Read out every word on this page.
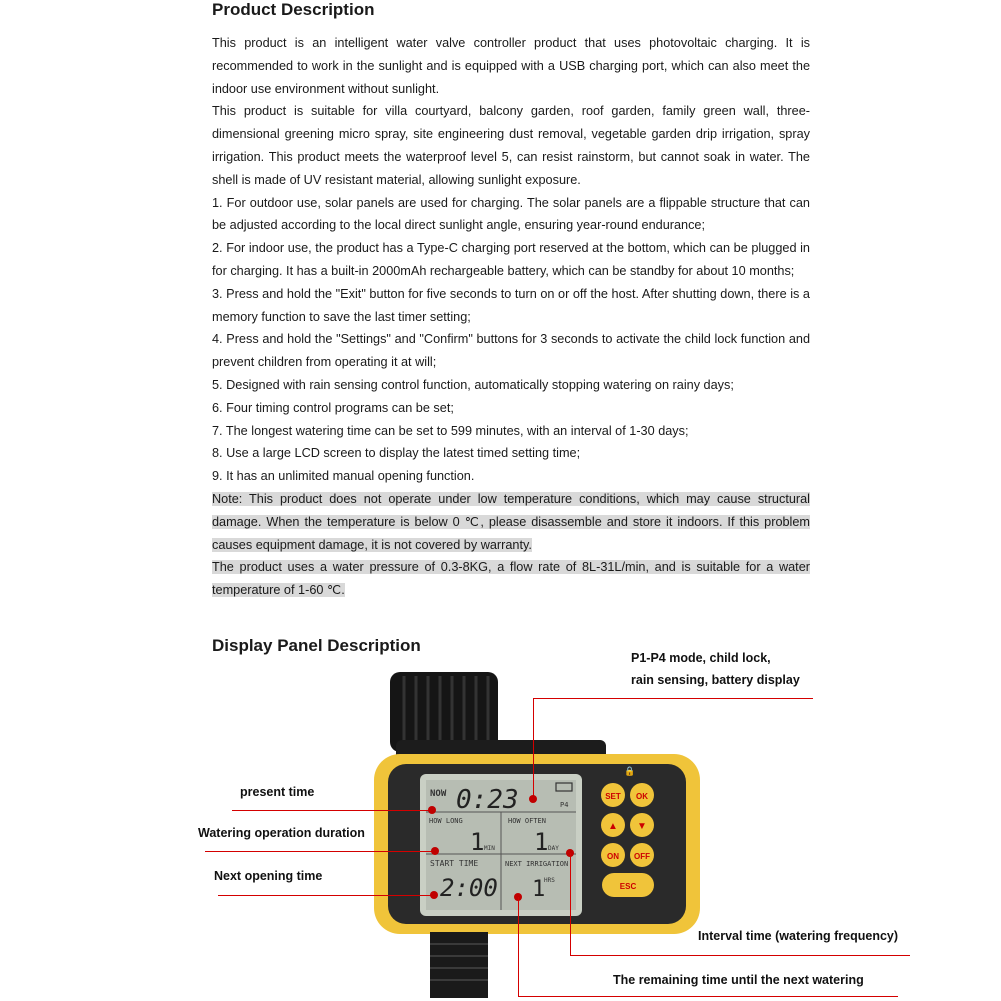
Product Description

This product is an intelligent water valve controller product that uses photovoltaic charging. It is recommended to work in the sunlight and is equipped with a USB charging port, which can also meet the indoor use environment without sunlight.

This product is suitable for villa courtyard, balcony garden, roof garden, family green wall, three-dimensional greening micro spray, site engineering dust removal, vegetable garden drip irrigation, spray irrigation. This product meets the waterproof level 5, can resist rainstorm, but cannot soak in water. The shell is made of UV resistant material, allowing sunlight exposure.

1. For outdoor use, solar panels are used for charging. The solar panels are a flippable structure that can be adjusted according to the local direct sunlight angle, ensuring year-round endurance;

2. For indoor use, the product has a Type-C charging port reserved at the bottom, which can be plugged in for charging. It has a built-in 2000mAh rechargeable battery, which can be standby for about 10 months;

3. Press and hold the "Exit" button for five seconds to turn on or off the host. After shutting down, there is a memory function to save the last timer setting;

4. Press and hold the "Settings" and "Confirm" buttons for 3 seconds to activate the child lock function and prevent children from operating it at will;

5. Designed with rain sensing control function, automatically stopping watering on rainy days;

6. Four timing control programs can be set;

7. The longest watering time can be set to 599 minutes, with an interval of 1-30 days;

8. Use a large LCD screen to display the latest timed setting time;

9. It has an unlimited manual opening function.

Note: This product does not operate under low temperature conditions, which may cause structural damage. When the temperature is below 0 ℃, please disassemble and store it indoors. If this problem causes equipment damage, it is not covered by warranty.

The product uses a water pressure of 0.3-8KG, a flow rate of 8L-31L/min, and is suitable for a water temperature of 1-60 ℃.

Display Panel Description
NOW 0:23	P4
HOW LONG
1 MIN
HOW OFTEN
1 DAY
START TIME
2:00
NEXT IRRIGATION
1
HRS
🔒
SET OK
▲ ▼
ON OFF
ESC
P1-P4 mode, child lock,
rain sensing, battery display
present time
Watering operation duration
Next opening time
Interval time (watering frequency)
The remaining time until the next watering
